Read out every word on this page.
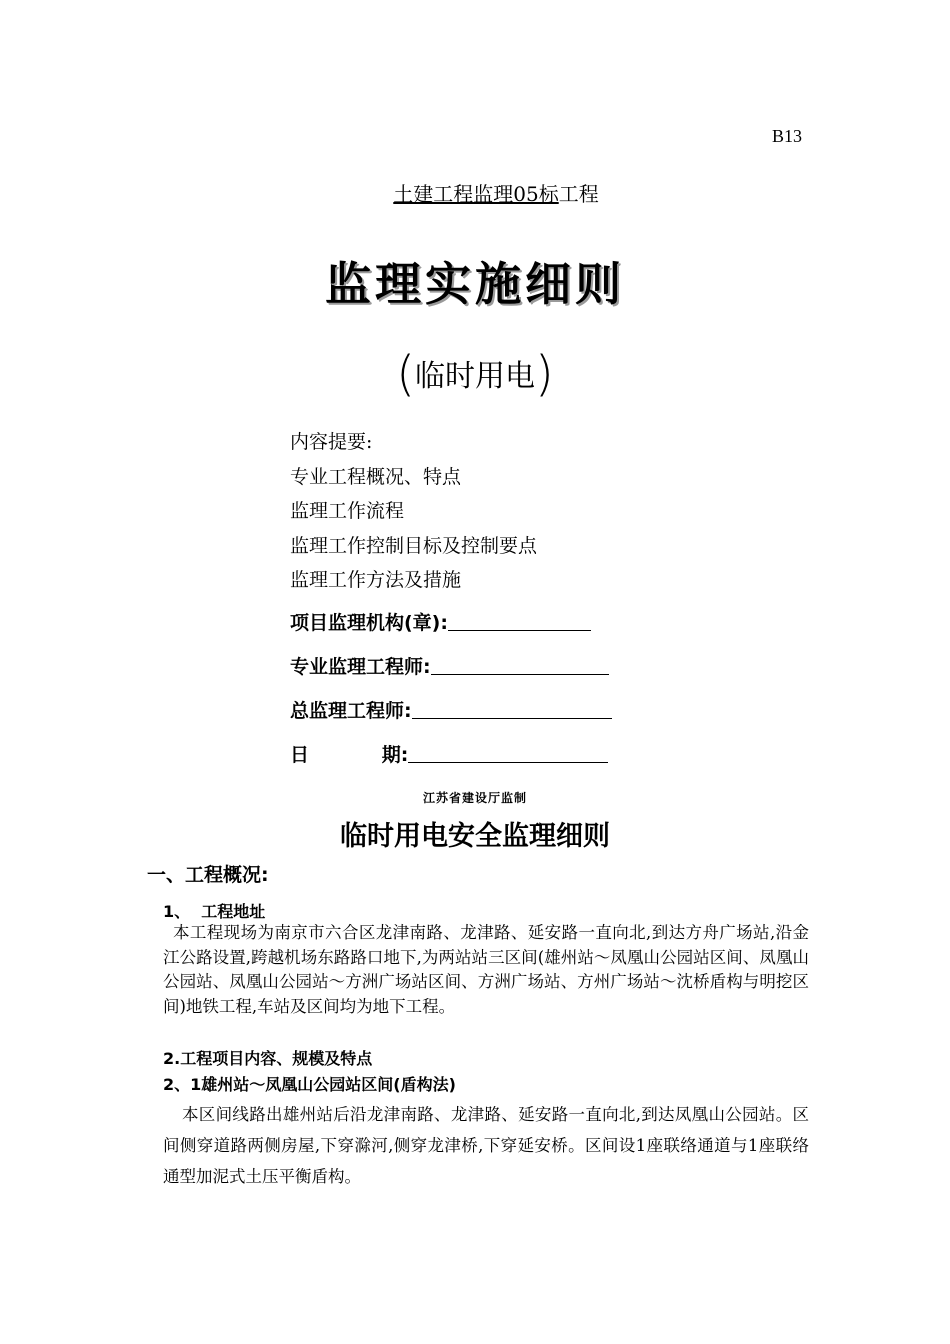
B13
土建工程监理05标工程
监理实施细则
(临时用电)
内容提要:
专业工程概况、特点
监理工作流程
监理工作控制目标及控制要点
监理工作方法及措施
项目监理机构(章):
专业监理工程师:
总监理工程师:
日           期:
江苏省建设厅监制
临时用电安全监理细则
一、工程概况:
1、  工程地址
本工程现场为南京市六合区龙津南路、龙津路、延安路一直向北,到达方舟广场站,沿金江公路设置,跨越机场东路路口地下,为两站站三区间(雄州站～凤凰山公园站区间、凤凰山公园站、凤凰山公园站～方洲广场站区间、方洲广场站、方州广场站～沈桥盾构与明挖区间)地铁工程,车站及区间均为地下工程。
2.工程项目内容、规模及特点
2、1雄州站～凤凰山公园站区间(盾构法)
本区间线路出雄州站后沿龙津南路、龙津路、延安路一直向北,到达凤凰山公园站。区间侧穿道路两侧房屋,下穿滁河,侧穿龙津桥,下穿延安桥。区间设1座联络通道与1座联络通型加泥式土压平衡盾构。
